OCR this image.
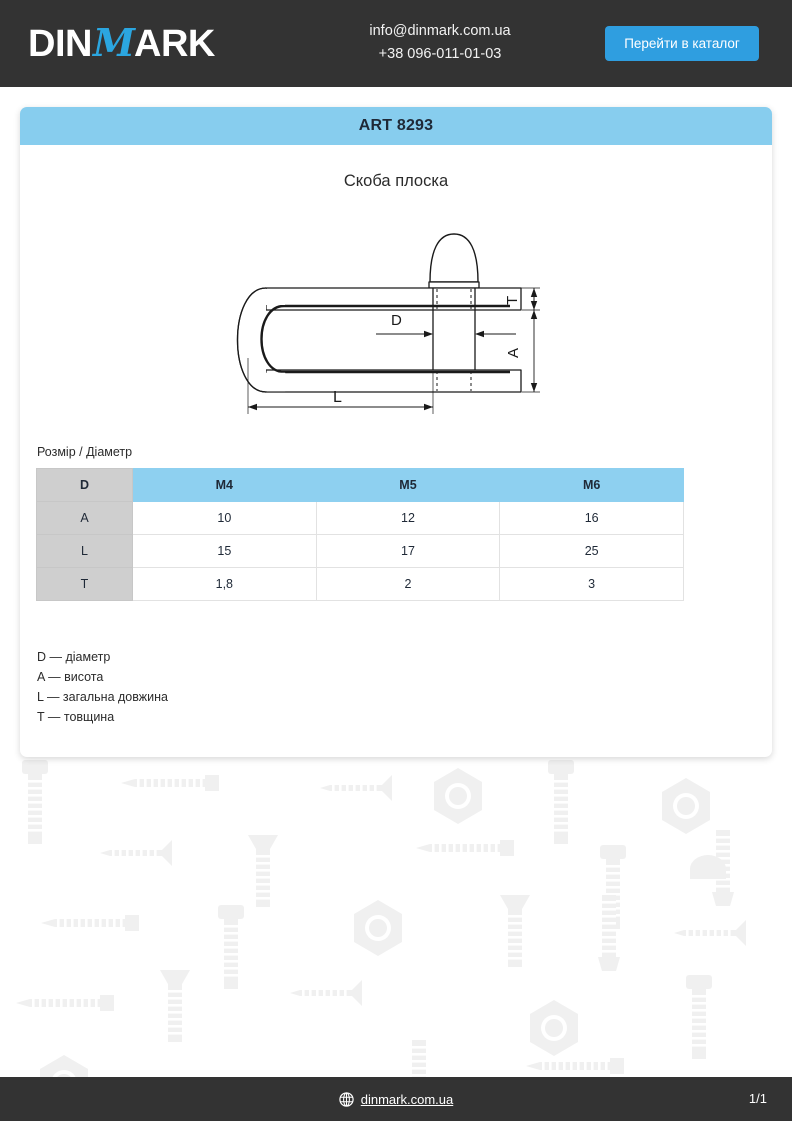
DINMARK	info@dinmark.com.ua
+38 096-011-01-03
Перейти в каталог
ART 8293
Скоба плоска
D
T
A
L
Розмір / Діаметр
D	M4	M5	M6
A	10	12	16
L	15	17	25
T	1,8	2	3
D — діаметр
A — висота
L — загальна довжина
T — товщина
dinmark.com.ua	1/1
